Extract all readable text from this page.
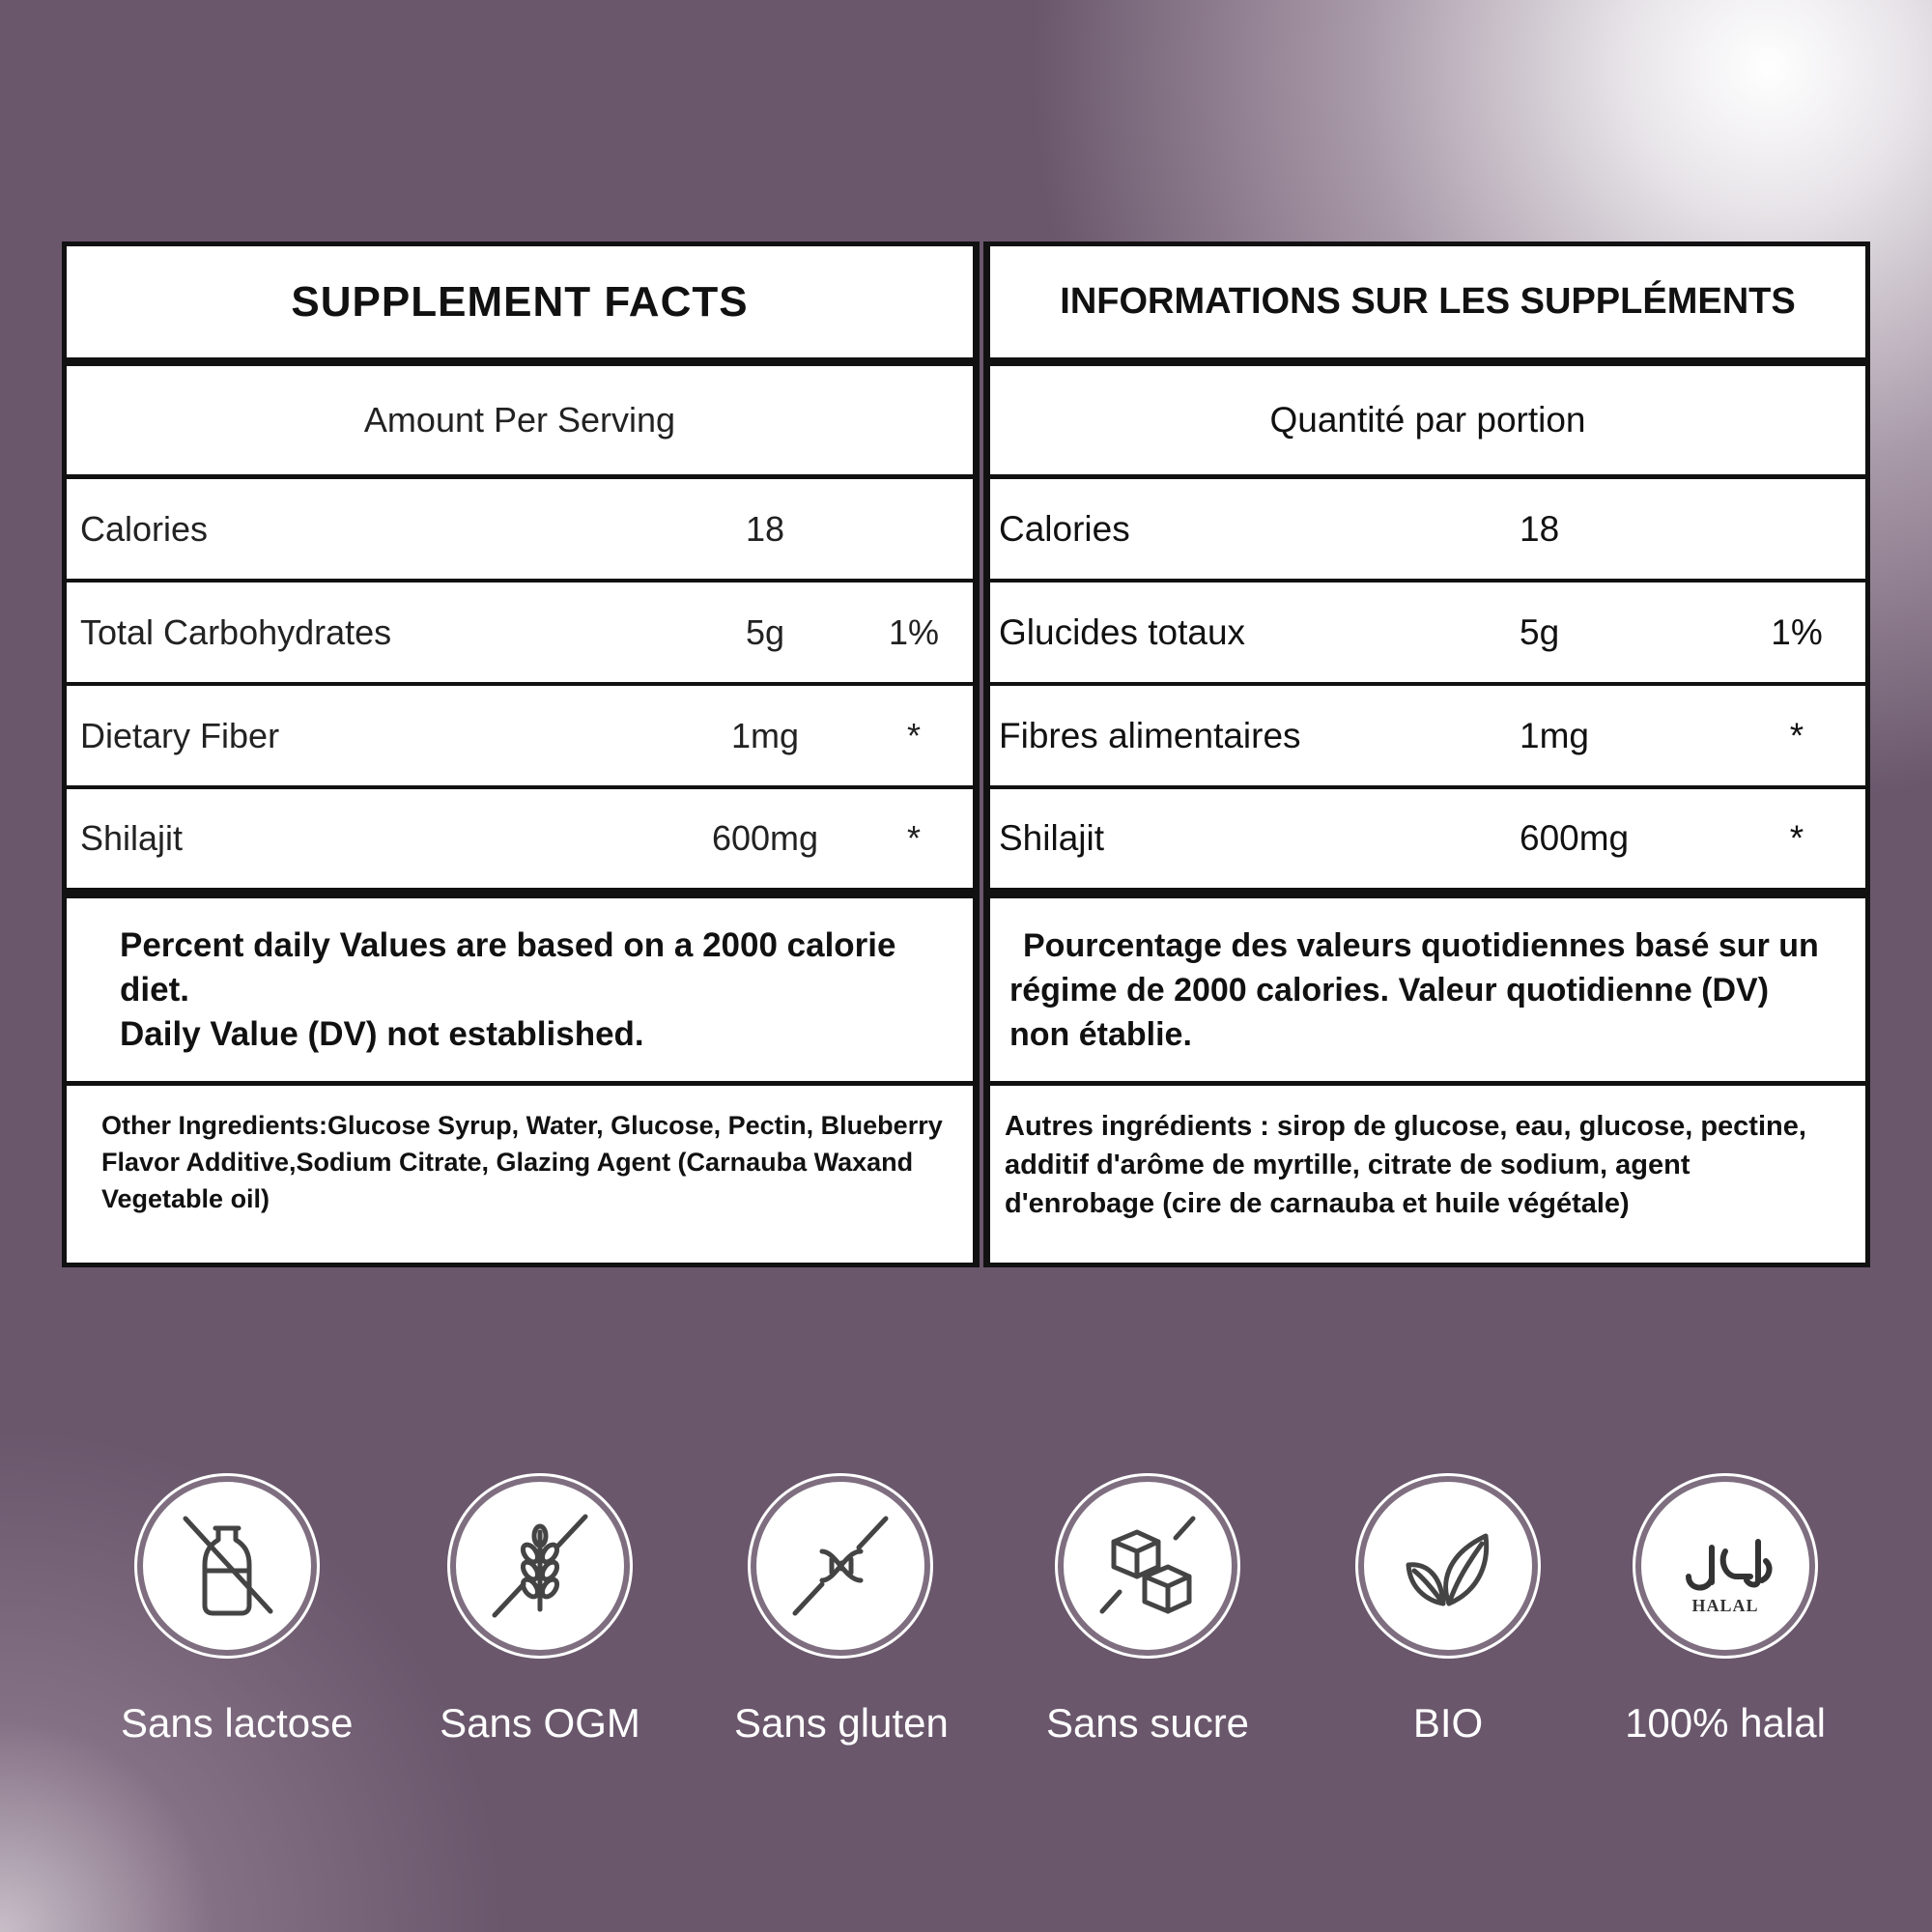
SUPPLEMENT FACTS
Amount Per Serving
Calories	18
Total Carbohydrates	5g	1%
Dietary Fiber	1mg	*
Shilajit	600mg	*
Percent daily Values are based on a 2000 calorie diet.
Daily Value (DV) not established.
Other Ingredients:Glucose Syrup, Water, Glucose, Pectin, Blueberry Flavor Additive,Sodium Citrate, Glazing Agent (Carnauba Waxand Vegetable oil)
INFORMATIONS SUR LES SUPPLÉMENTS
Quantité par portion
Calories	18
Glucides totaux	5g	1%
Fibres alimentaires	1mg	*
Shilajit	600mg	*
Pourcentage des valeurs quotidiennes basé sur un régime de 2000 calories. Valeur quotidienne (DV) non établie.
Autres ingrédients : sirop de glucose, eau, glucose, pectine, additif d'arôme de myrtille, citrate de sodium, agent d'enrobage (cire de carnauba et huile végétale)
Sans lactose Sans OGM Sans gluten Sans sucre	BIO
HALAL
100% halal
